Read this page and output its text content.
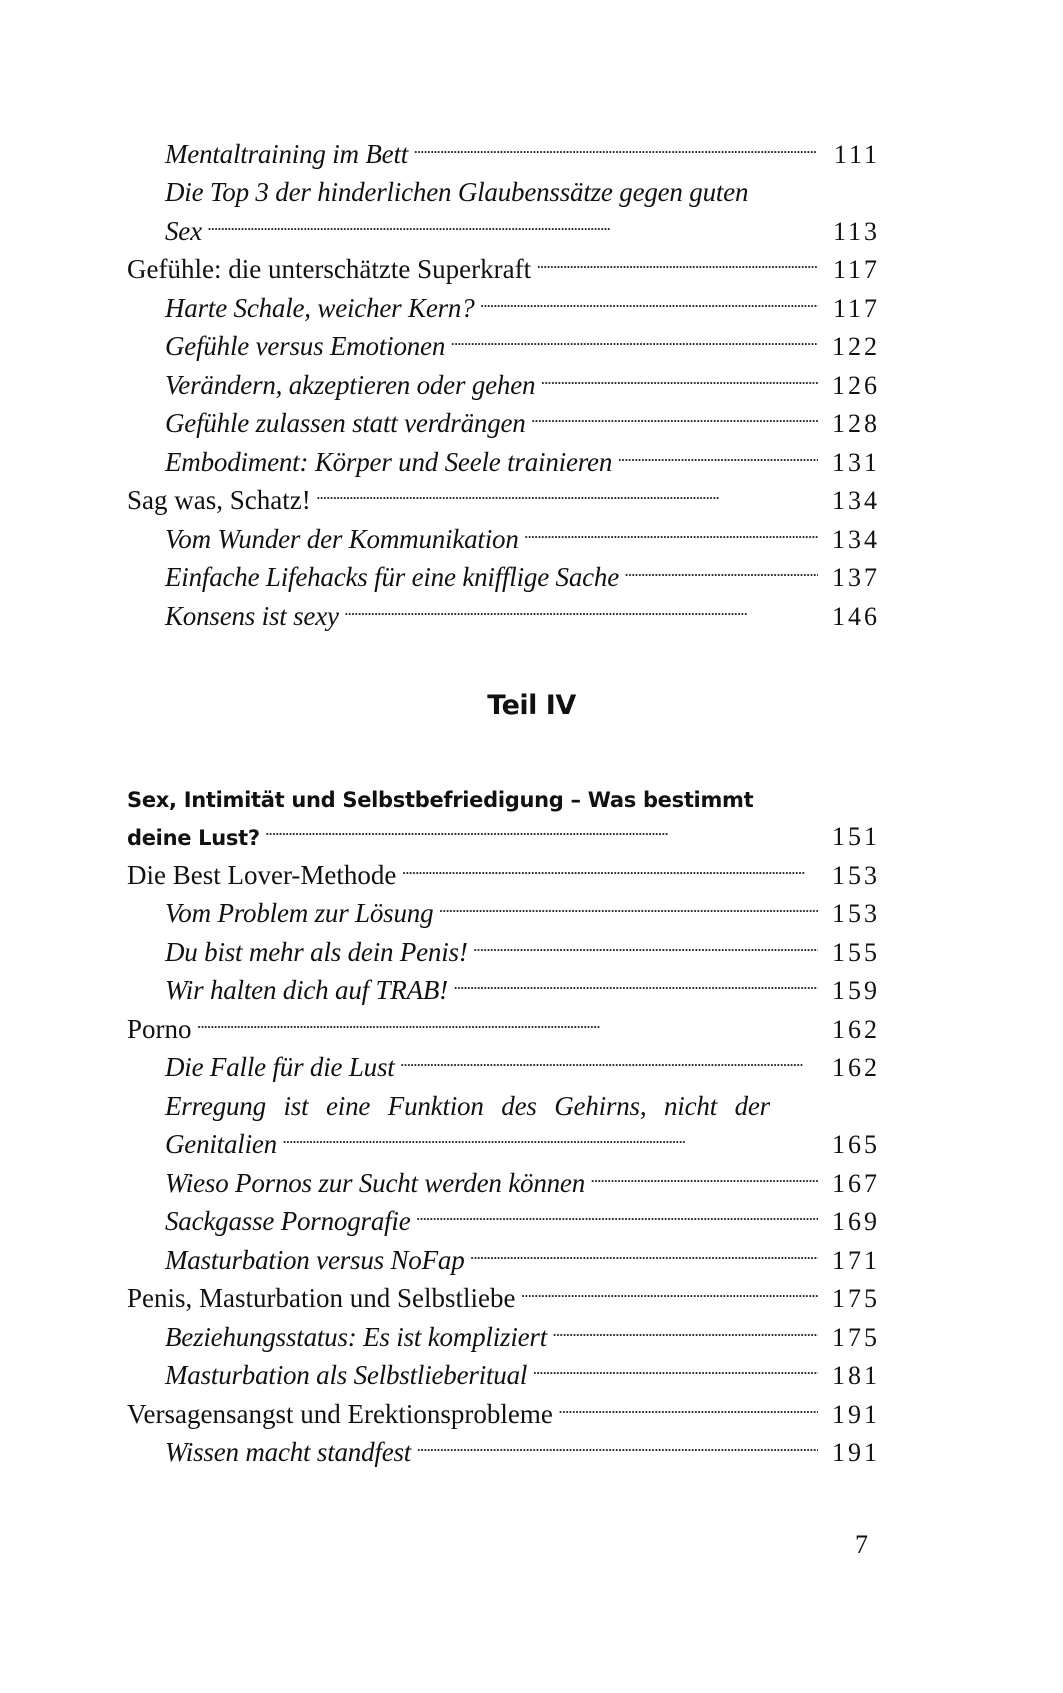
Mentaltraining im Bett . . .	111
Die Top 3 der hinderlichen Glaubenssätze gegen guten
Sex . . .	113
Gefühle: die unterschätzte Superkraft . . .	117
Harte Schale, weicher Kern? . . .	117
Gefühle versus Emotionen . . .	122
Verändern, akzeptieren oder gehen . . .	126
Gefühle zulassen statt verdrängen . . .	128
Embodiment: Körper und Seele trainieren . . .	131
Sag was, Schatz! . . .	134
Vom Wunder der Kommunikation . . .	134
Einfache Lifehacks für eine knifflige Sache . . .	137
Konsens ist sexy . . .	146
Teil IV
Sex, Intimität und Selbstbefriedigung – Was bestimmt
deine Lust? . . .	151
Die Best Lover-Methode . . .	153
Vom Problem zur Lösung . . .	153
Du bist mehr als dein Penis! . . .	155
Wir halten dich auf TRAB! . . .	159
Porno . . .	162
Die Falle für die Lust . . .	162
Erregung ist eine Funktion des Gehirns, nicht der
Genitalien . . .	165
Wieso Pornos zur Sucht werden können . . .	167
Sackgasse Pornografie . . .	169
Masturbation versus NoFap . . .	171
Penis, Masturbation und Selbstliebe . . .	175
Beziehungsstatus: Es ist kompliziert . . .	175
Masturbation als Selbstlieberitual . . .	181
Versagensangst und Erektionsprobleme . . .	191
Wissen macht standfest . . .	191
7
